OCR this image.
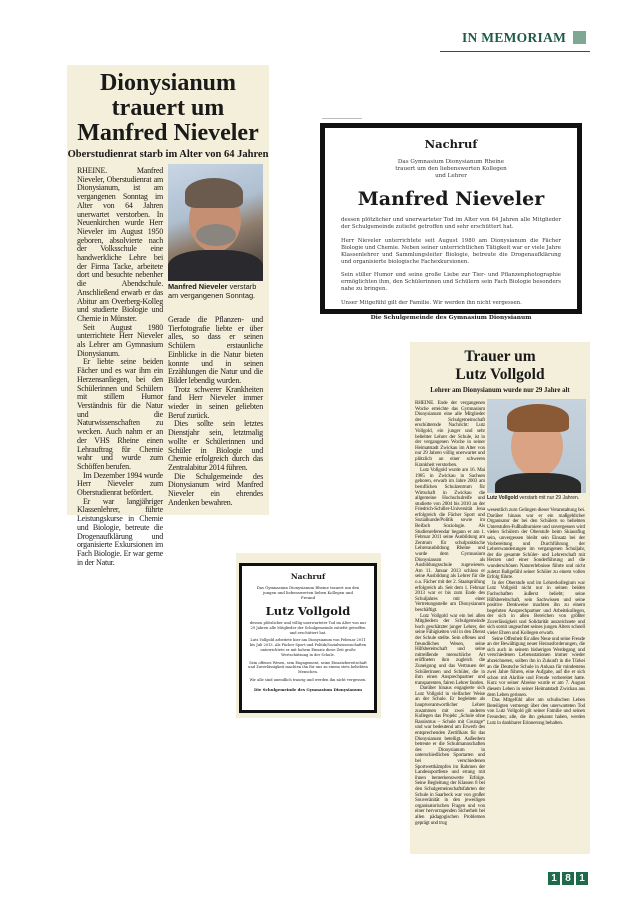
IN MEMORIAM
Dionysianum trauert um Manfred Nieveler
Oberstudienrat starb im Alter von 64 Jahren

RHEINE. Manfred Nieveler, Oberstudienrat am Dionysianum, ist am vergangenen Sonntag im Alter von 64 Jahren unerwartet verstorben. In Neuenkirchen wurde Herr Nieveler im August 1950 geboren, absolvierte nach der Volksschule eine handwerkliche Lehre bei der Firma Tacke, arbeitete dort und besuchte nebenher die Abendschule. Anschließend erwarb er das Abitur am Overberg-Kolleg und studierte Biologie und Chemie in Münster.

Seit August 1980 unterrichtete Herr Nieveler als Lehrer am Gymnasium Dionysianum.

Er liebte seine beiden Fächer und es war ihm ein Herzensanliegen, bei den Schülerinnen und Schülern mit stillem Humor Verständnis für die Natur und die Naturwissenschaften zu wecken. Auch nahm er an der VHS Rheine einen Lehrauftrag für Chemie wahr und wurde zum Schöffen berufen.

Im Dezember 1994 wurde Herr Nieveler zum Oberstudienrat befördert.

Er war langjähriger Klassenlehrer, führte Leistungskurse in Chemie und Biologie, betreute die Drogenaufklärung und organisierte Exkursionen im Fach Biologie. Er war gerne in der Natur.

Manfred Nieveler verstarb am vergangenen Sonntag.

Gerade die Pflanzen- und Tierfotografie liebte er über alles, so dass er seinen Schülern erstaunliche Einblicke in die Natur bieten konnte und in seinen Erzählungen die Natur und die Bilder lebendig wurden.

Trotz schwerer Krankheiten fand Herr Nieveler immer wieder in seinen geliebten Beruf zurück.

Dies sollte sein letztes Dienstjahr sein, letztmalig wollte er Schülerinnen und Schüler in Biologie und Chemie erfolgreich durch das Zentralabitur 2014 führen.

Die Schulgemeinde des Dionysianum wird Manfred Nieveler ein ehrendes Andenken bewahren.

Nachruf
Das Gymnasium Dionysianum Rheine trauert um den liebenswerten Kollegen und Lehrer
Manfred Nieveler
dessen plötzlicher und unerwarteter Tod im Alter von 64 Jahren alle Mitglieder der Schulgemeinde zutiefst getroffen und sehr erschüttert hat.
Herr Nieveler unterrichtete seit August 1980 am Dionysianum die Fächer Biologie und Chemie. Neben seiner unterrichtlichen Tätigkeit war er viele Jahre Klassenlehrer und Sammlungsleiter Biologie, betreute die Drogenaufklärung und organisierte biologische Fachexkursionen.
Sein stiller Humor und seine große Liebe zur Tier- und Pflanzenphotographie ermöglichten ihm, den Schülerinnen und Schülern sein Fach Biologie besonders nahe zu bringen.
Unser Mitgefühl gilt der Familie. Wir werden ihn nicht vergessen.
Die Schulgemeinde des Gymnasium Dionysianum
Nachruf
Das Gymnasium Dionysianum Rheine trauert um den jungen und liebenswerten lieben Kollegen und Freund
Lutz Vollgold
dessen plötzlicher und völlig unerwarteter Tod im Alter von nur 29 Jahren alle Mitglieder der Schulgemeinde zutiefst getroffen und erschüttert hat.
Lutz Vollgold arbeitete hier am Dionysianum von Februar 2011 bis Juli 2013. Als Fächer Sport und Politik/Sozialwissenschaften unterrichtete er mit hohem Einsatz diese Zeit große Wertschätzung in der Schule.
Sein offenes Wesen, sein Engagement, seine Einsatzbereitschaft und Zuverlässigkeit machten ihn für uns zu einem stets beliebten Menschen.
Wir alle sind unendlich traurig und werden ihn nicht vergessen.
Die Schulgemeinde des Gymnasium Dionysianum
Trauer um Lutz Vollgold
Lehrer am Dionysianum wurde nur 29 Jahre alt

RHEINE. Ende der vergangenen Woche erreichte das Gymnasium Dionysianum eine alle Mitglieder der Schulgemeinschaft erschütternde Nachricht: Lutz Vollgold, ein junger und sehr beliebter Lehrer der Schule, ist in der vergangenen Woche in seiner Heimatstadt Zwickau im Alter von nur 29 Jahren völlig unerwartet und plötzlich an einer schweren Krankheit verstorben.

Lutz Vollgold wurde am 16. Mai 1985 in Zwickau in Sachsen geboren, erwarb im Jahre 2003 am beruflichen Schulzentrum für Wirtschaft in Zwickau die allgemeine Hochschulreife und studierte von 2004 bis 2010 an der Friedrich-Schiller-Universität Jena erfolgreich die Fächer Sport und Sozialkunde/Politik sowie im Beifach Soziologie. Als Studienreferendar begann er am 1. Februar 2011 seine Ausbildung am Zentrum für schulpraktische Lehrerausbildung Rheine und wurde dem Gymnasium Dionysianum als Ausbildungsschule zugewiesen. Am 11. Januar 2013 schloss er seine Ausbildung als Lehrer für die o.a. Fächer mit der 2. Staatsprüfung erfolgreich ab. Seit dem 1. Februar 2013 war er bis zum Ende des Schuljahres mit einer Vertretungsstelle am Dionysianum beschäftigt.

Lutz Vollgold war ein bei allen Mitgliedern der Schulgemeinde hoch geschätzter junger Lehrer, der seine Fähigkeiten voll in den Dienst der Schule stellte. Sein offenes und freundliches Wesen, seine Hilfsbereitschaft und seine mitreißende menschliche Art eröffneten ihm zugleich die Zuneigung und das Vertrauen der Schülerinnen und Schüler, die in ihm einen Ansprechpartner und transparenten, fairen Lehrer fanden.

Darüber hinaus engagierte sich Lutz Vollgold in vielfacher Weise an der Schule. Er begleitete als hauptverantwortlicher Lehrer zusammen mit zwei anderen Kollegen das Projekt „Schule ohne Rassismus – Schule mit Courage“ und war bedeutend am Erwerb des entsprechenden Zertifikats für das Dionysianum beteiligt. Außerdem betreute er die Schulmannschaften des Dionysianum in unterschiedlichen Sportarten und bei verschiedenen Sportwettkämpfen im Rahmen der Landessportfeste und errang mit ihnen bemerkenswerte Erfolge. Seine Begleitung der Klassen 8 bei den Schulgemeinschaftsfahrten der Schule in Saarbeck war von großer Souveränität in den jeweiligen organisatorischen Fragen und von einer hervorragenden Sicherheit bei allen pädagogischen Problemen geprägt und trug

Lutz Vollgold verstarb mit nur 29 Jahren.

wesentlich zum Gelingen dieser Veranstaltung bei. Darüber hinaus war er ein maßgeblicher Organisator der bei den Schülern so beliebten Unterstufen-Fußballturniere und unvergessen wird vielen Schülern der Oberstufe beim Skiausflug sein, unvergessen bleibt sein Einsatz bei der Vorbereitung und Durchführung der Lehrerwanderungen im vergangenen Schuljahr, der die gesamte Schüler- und Lehrerschaft mit Herzen und einer Sonderführung auf die wunderschönen Naturerlebnisse führte und nicht zuletzt Ballgefühl seiner Schüler zu einem vollen Erfolg führte.

In der Oberstufe und im Lehrerkollegium war Lutz Vollgold nicht nur in seinen beiden Fachschaften äußerst beliebt; seine Hilfsbereitschaft, sein Sachwissen und seine positive Denkweise machten ihn zu einem begehrten Ansprechpartner und Arbeitskollegen, der sich in allen Bereichen von größter Zuverlässigkeit und Solidarität auszeichnete und sich somit ungeachtet seines jungen Alters schnell vieler Ehren und Kollegen erwarb.

Seine Offenheit für alles Neue und seine Freude an der Bewältigung neuer Herausforderungen, die sich auch in seinem bisherigen Werdegang und verschiedenen Lebensstationen immer wieder abzeichneten, sollten ihn in Zukunft in die Türkei an die Deutsche Schule in Ankara für mindestens zwei Jahre führen, eine Aufgabe, auf die er sich schon mit Akribie und Freude vorbereitet hatte. Kurz vor seiner Abreise wurde er am 7. August diesem Leben in seiner Heimatstadt Zwickau aus dem Leben gerissen.

Das Mitgefühl aller am schulischen Leben Beteiligten vermengt über den unerwarteten Tod von Lutz Vollgold gilt seiner Familie und seinen Freunden; alle, die ihn gekannt haben, werden Lutz in dankbarer Erinnerung behalten.

1 8 1
